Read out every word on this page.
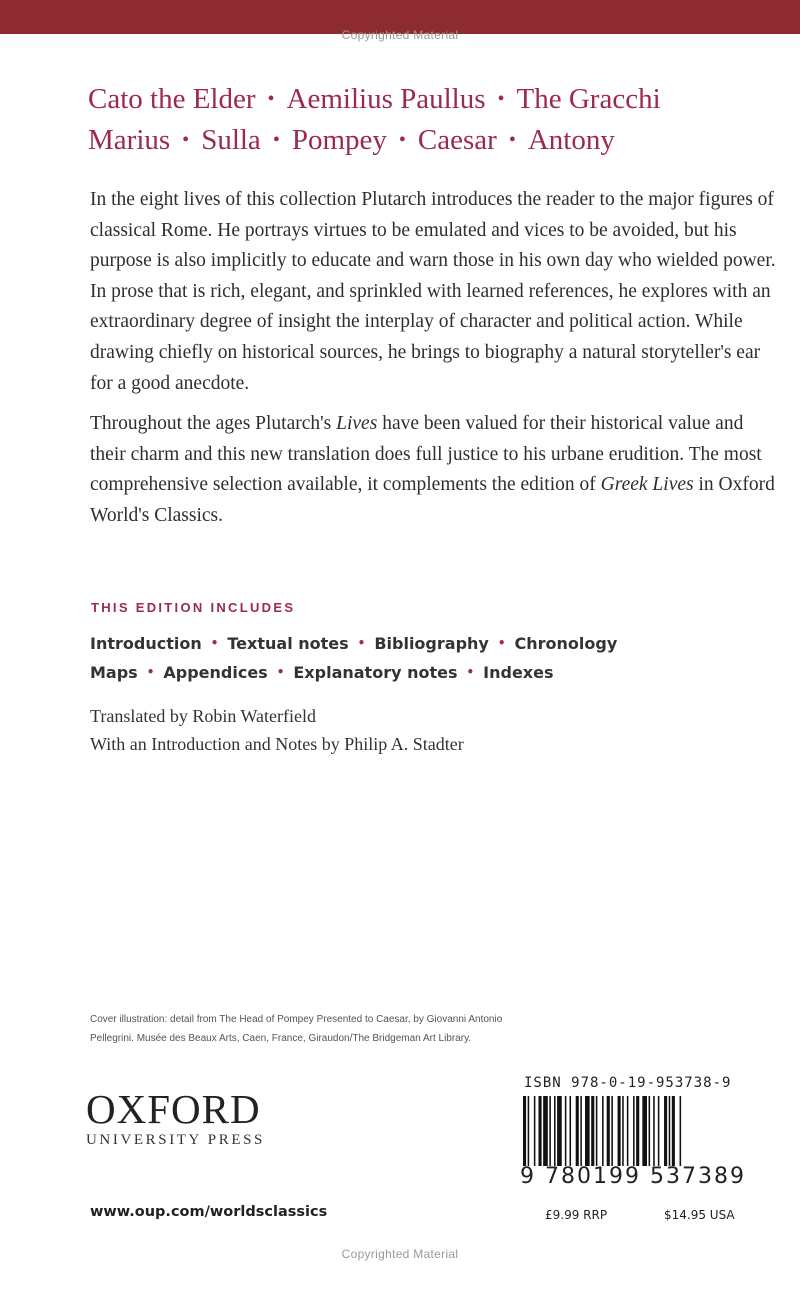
Copyrighted Material
Cato the Elder • Aemilius Paullus • The Gracchi
Marius • Sulla • Pompey • Caesar • Antony

In the eight lives of this collection Plutarch introduces the reader to the major figures of classical Rome. He portrays virtues to be emulated and vices to be avoided, but his purpose is also implicitly to educate and warn those in his own day who wielded power. In prose that is rich, elegant, and sprinkled with learned references, he explores with an extraordinary degree of insight the interplay of character and political action. While drawing chiefly on historical sources, he brings to biography a natural storyteller's ear for a good anecdote.

Throughout the ages Plutarch's Lives have been valued for their historical value and their charm and this new translation does full justice to his urbane erudition. The most comprehensive selection available, it complements the edition of Greek Lives in Oxford World's Classics.

THIS EDITION INCLUDES
Introduction • Textual notes • Bibliography • Chronology
Maps • Appendices • Explanatory notes • Indexes
Translated by Robin Waterfield
With an Introduction and Notes by Philip A. Stadter
Cover illustration: detail from The Head of Pompey Presented to Caesar, by Giovanni Antonio
Pellegrini. Musée des Beaux Arts, Caen, France, Giraudon/The Bridgeman Art Library.
OXFORD
UNIVERSITY PRESS
www.oup.com/worldsclassics
ISBN 978-0-19-953738-9
9 780199 537389
£9.99 RRP	$14.95 USA
Copyrighted Material
